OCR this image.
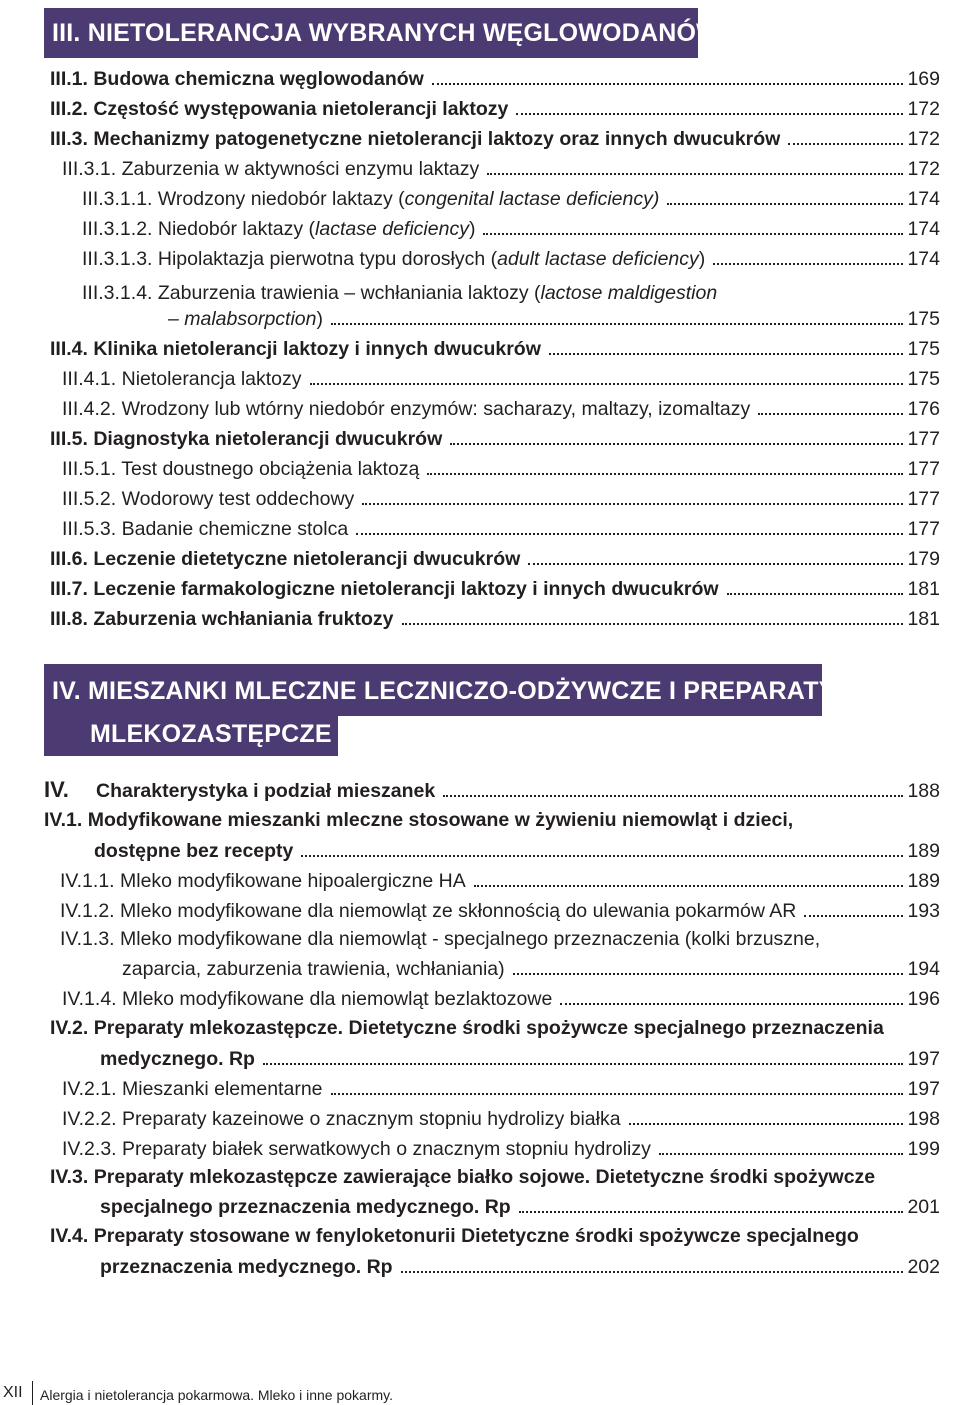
III. NIETOLERANCJA WYBRANYCH WĘGLOWODANÓW
III.1. Budowa chemiczna węglowodanów	169
III.2. Częstość występowania nietolerancji laktozy	172
III.3. Mechanizmy patogenetyczne nietolerancji laktozy oraz innych dwucukrów	172
III.3.1. Zaburzenia w aktywności enzymu laktazy	172
III.3.1.1. Wrodzony niedobór laktazy (congenital lactase deficiency)	174
III.3.1.2. Niedobór laktazy (lactase deficiency)	174
III.3.1.3. Hipolaktazja pierwotna typu dorosłych (adult lactase deficiency)	174
III.3.1.4. Zaburzenia trawienia – wchłaniania laktozy (lactose maldigestion
– malabsorpction)	175
III.4. Klinika nietolerancji laktozy i innych dwucukrów	175
III.4.1. Nietolerancja laktozy	175
III.4.2. Wrodzony lub wtórny niedobór enzymów: sacharazy, maltazy, izomaltazy	176
III.5. Diagnostyka nietolerancji dwucukrów	177
III.5.1. Test doustnego obciążenia laktozą	177
III.5.2. Wodorowy test oddechowy	177
III.5.3. Badanie chemiczne stolca	177
III.6. Leczenie dietetyczne nietolerancji dwucukrów	179
III.7. Leczenie farmakologiczne nietolerancji laktozy i innych dwucukrów	181
III.8. Zaburzenia wchłaniania fruktozy	181
IV. MIESZANKI MLECZNE LECZNICZO-ODŻYWCZE I PREPARATY
MLEKOZASTĘPCZE
IV. Charakterystyka i podział mieszanek	188
IV.1. Modyfikowane mieszanki mleczne stosowane w żywieniu niemowląt i dzieci,
dostępne bez recepty	189
IV.1.1. Mleko modyfikowane hipoalergiczne HA	189
IV.1.2. Mleko modyfikowane dla niemowląt ze skłonnością do ulewania pokarmów AR	193
IV.1.3. Mleko modyfikowane dla niemowląt - specjalnego przeznaczenia (kolki brzuszne,
zaparcia, zaburzenia trawienia, wchłaniania)	194
IV.1.4. Mleko modyfikowane dla niemowląt bezlaktozowe	196
IV.2. Preparaty mlekozastępcze. Dietetyczne środki spożywcze specjalnego przeznaczenia
medycznego. Rp	197
IV.2.1. Mieszanki elementarne	197
IV.2.2. Preparaty kazeinowe o znacznym stopniu hydrolizy białka	198
IV.2.3. Preparaty białek serwatkowych o znacznym stopniu hydrolizy	199
IV.3. Preparaty mlekozastępcze zawierające białko sojowe. Dietetyczne środki spożywcze
specjalnego przeznaczenia medycznego. Rp	201
IV.4. Preparaty stosowane w fenyloketonurii Dietetyczne środki spożywcze specjalnego
przeznaczenia medycznego. Rp	202
XII Alergia i nietolerancja pokarmowa. Mleko i inne pokarmy.
